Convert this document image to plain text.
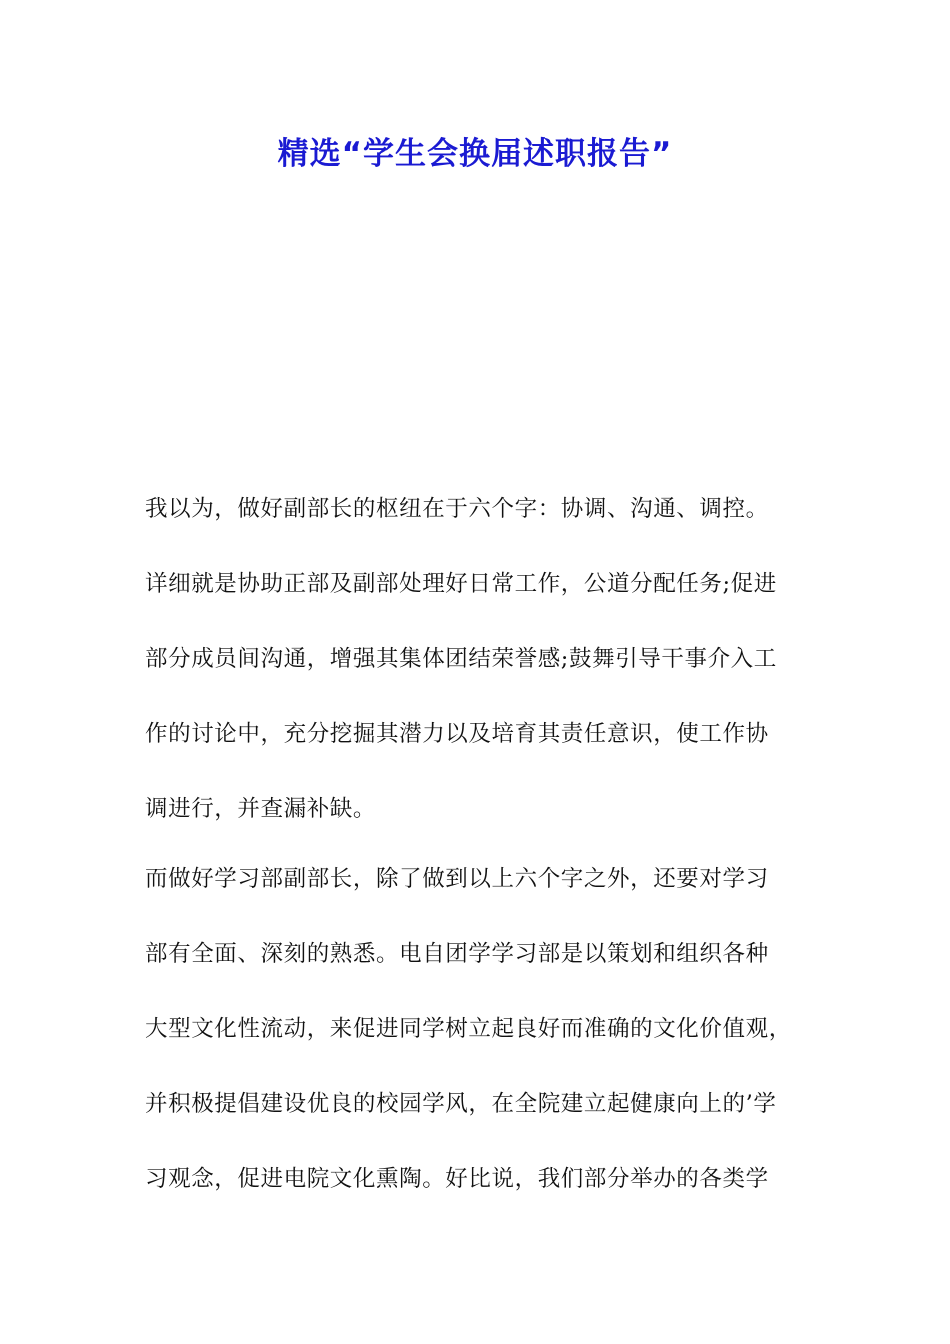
精选“学生会换届述职报告”
我以为，做好副部长的枢纽在于六个字：协调、沟通、调控。
详细就是协助正部及副部处理好日常工作，公道分配任务;促进
部分成员间沟通，增强其集体团结荣誉感;鼓舞引导干事介入工
作的讨论中，充分挖掘其潜力以及培育其责任意识，使工作协
调进行，并查漏补缺。
而做好学习部副部长，除了做到以上六个字之外，还要对学习
部有全面、深刻的熟悉。电自团学学习部是以策划和组织各种
大型文化性流动，来促进同学树立起良好而准确的文化价值观，
并积极提倡建设优良的校园学风，在全院建立起健康向上的’学
习观念，促进电院文化熏陶。好比说，我们部分举办的各类学
